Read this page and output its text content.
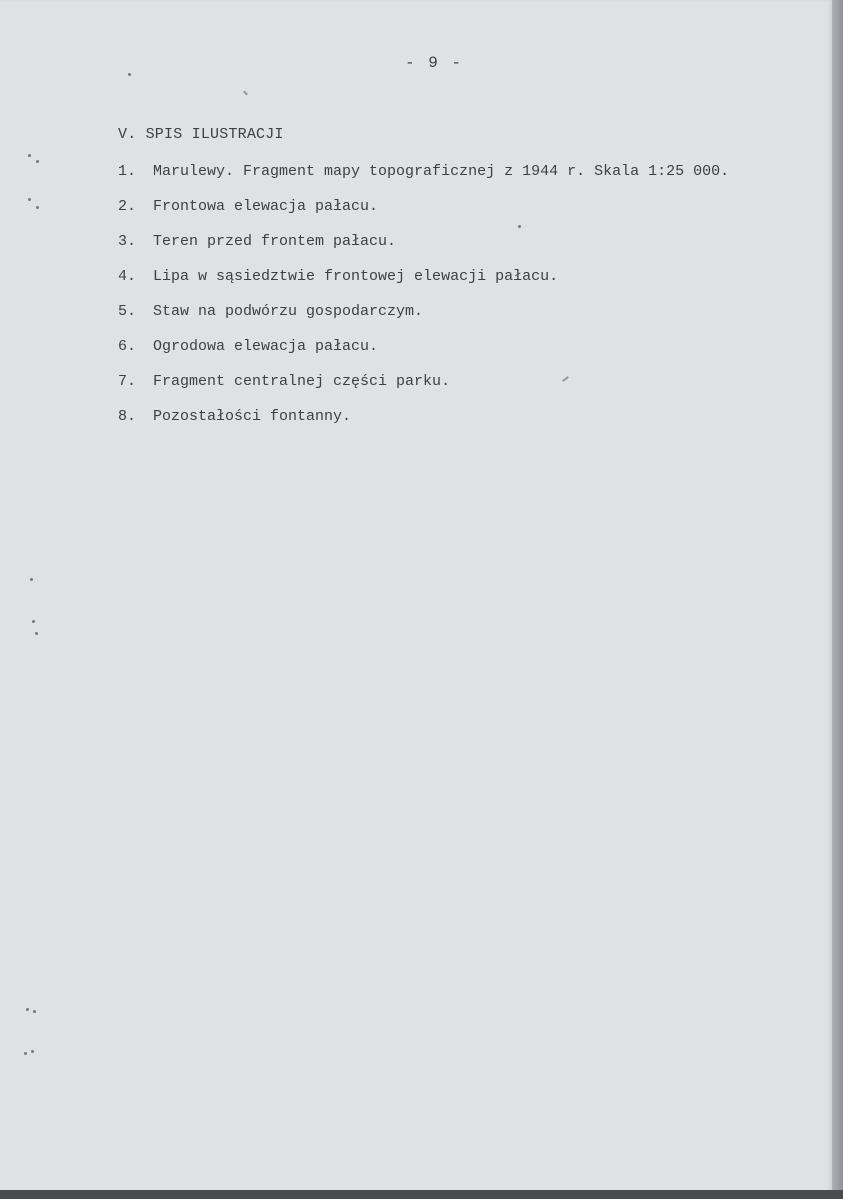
- 9 -
V. SPIS ILUSTRACJI
1. Marulewy. Fragment mapy topograficznej z 1944 r. Skala 1:25 000.
2. Frontowa elewacja pałacu.
3. Teren przed frontem pałacu.
4. Lipa w sąsiedztwie frontowej elewacji pałacu.
5. Staw na podwórzu gospodarczym.
6. Ogrodowa elewacja pałacu.
7. Fragment centralnej części parku.
8. Pozostałości fontanny.
